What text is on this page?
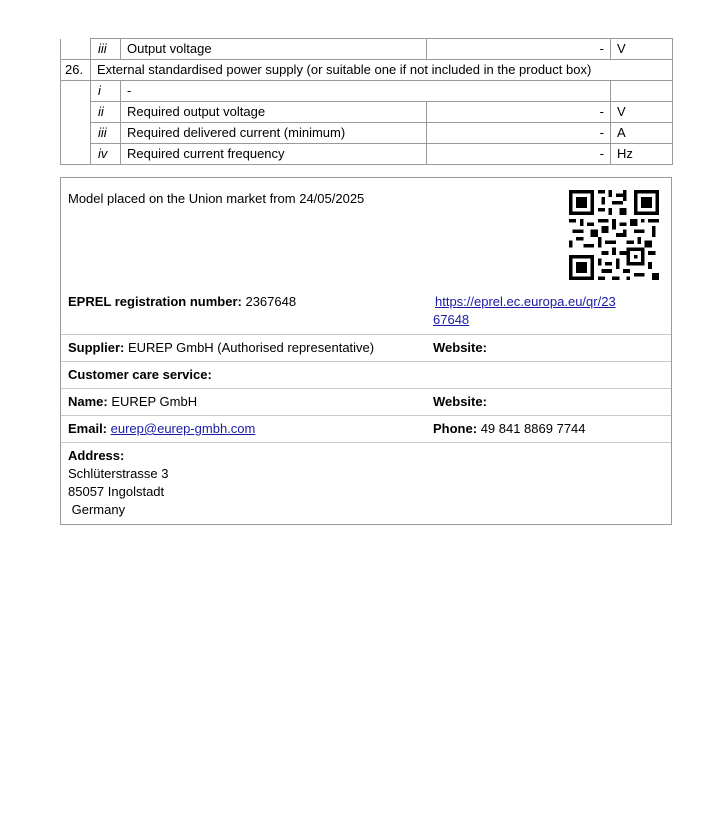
	iii	Output voltage	-	V
26.	External standardised power supply (or suitable one if not included in the product box)			
	i	-		
	ii	Required output voltage	-	V
	iii	Required delivered current (minimum)	-	A
	iv	Required current frequency	-	Hz
Model placed on the Union market from 24/05/2025
EPREL registration number: 2367648	https://eprel.ec.europa.eu/qr/23
67648
Supplier: EUREP GmbH (Authorised representative)	Website:
Customer care service:
Name: EUREP GmbH	Website:
Email: eurep@eurep-gmbh.com	Phone: 49 841 8869 7744
Address:
Schlüterstrasse 3
85057 Ingolstadt
Germany
